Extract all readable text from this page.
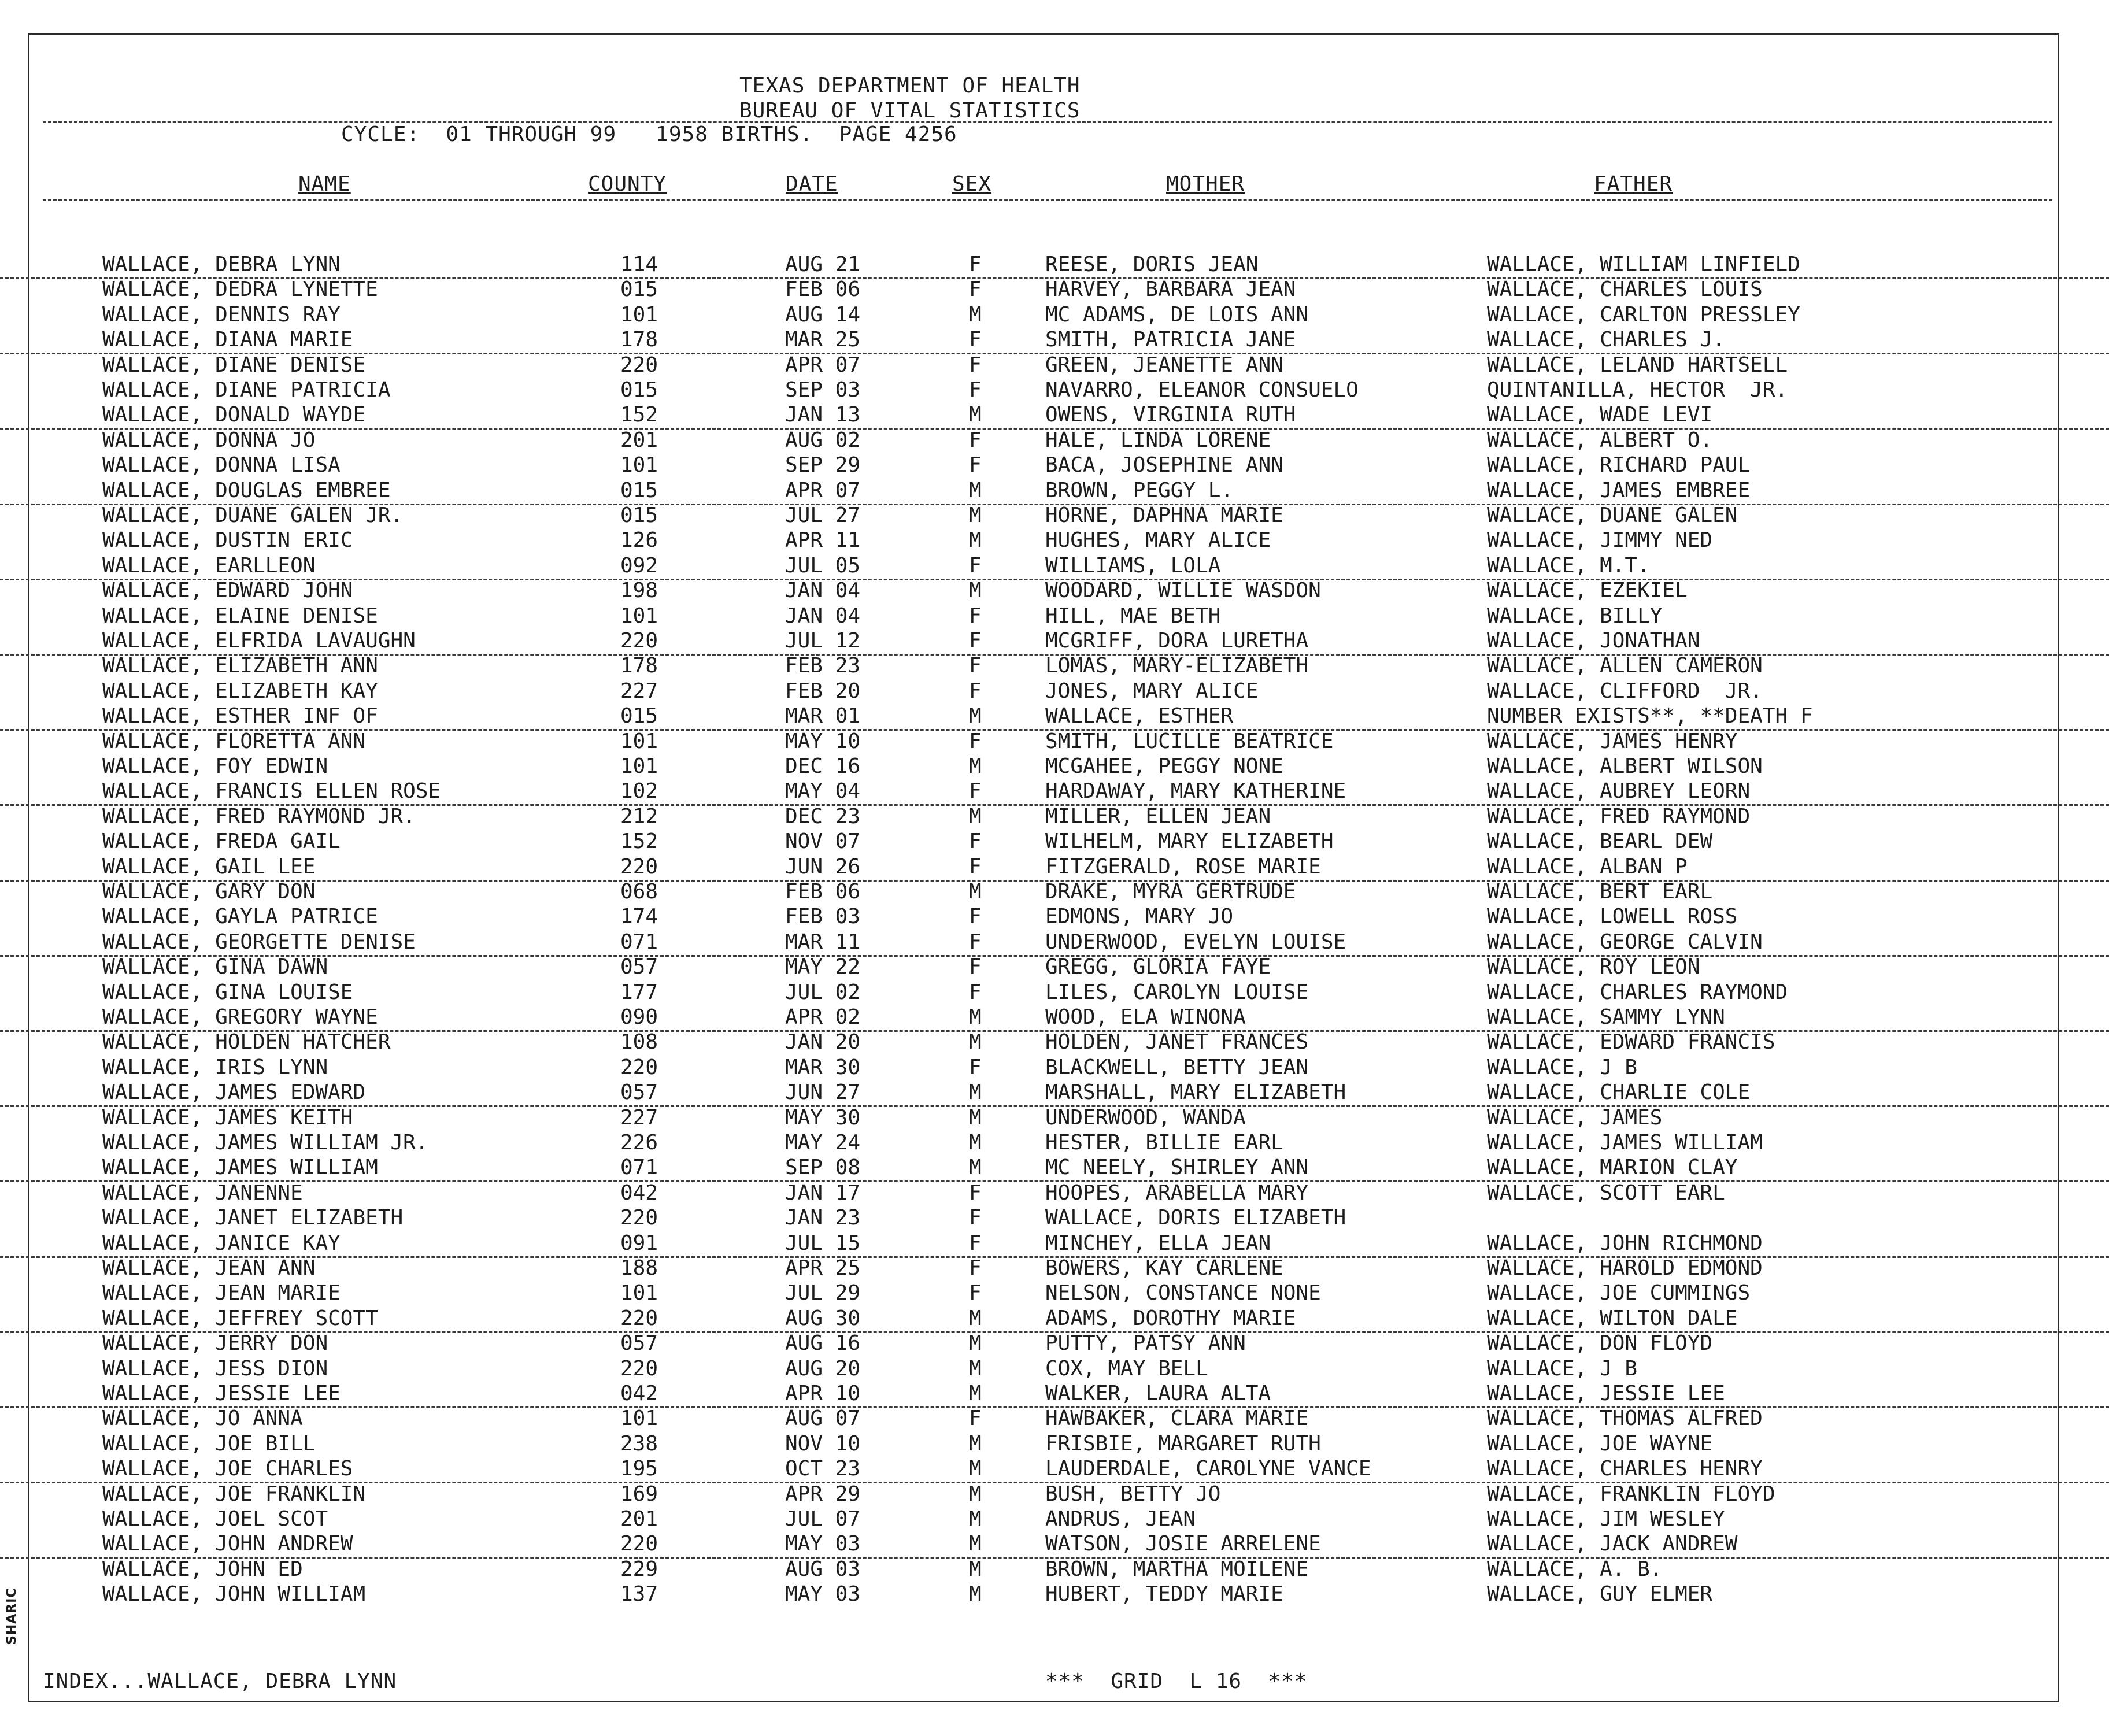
SHARIC
TEXAS DEPARTMENT OF HEALTH
BUREAU OF VITAL STATISTICS
CYCLE:  01 THROUGH 99   1958 BIRTHS.  PAGE 4256
NAME	COUNTY	DATE	SEX	MOTHER	FATHER
WALLACE, DEBRA LYNN	114	AUG 21	F	REESE, DORIS JEAN	WALLACE, WILLIAM LINFIELD
WALLACE, DEDRA LYNETTE	015	FEB 06	F	HARVEY, BARBARA JEAN	WALLACE, CHARLES LOUIS
WALLACE, DENNIS RAY	101	AUG 14	M	MC ADAMS, DE LOIS ANN	WALLACE, CARLTON PRESSLEY
WALLACE, DIANA MARIE	178	MAR 25	F	SMITH, PATRICIA JANE	WALLACE, CHARLES J.
WALLACE, DIANE DENISE	220	APR 07	F	GREEN, JEANETTE ANN	WALLACE, LELAND HARTSELL
WALLACE, DIANE PATRICIA	015	SEP 03	F	NAVARRO, ELEANOR CONSUELO	QUINTANILLA, HECTOR  JR.
WALLACE, DONALD WAYDE	152	JAN 13	M	OWENS, VIRGINIA RUTH	WALLACE, WADE LEVI
WALLACE, DONNA JO	201	AUG 02	F	HALE, LINDA LORENE	WALLACE, ALBERT O.
WALLACE, DONNA LISA	101	SEP 29	F	BACA, JOSEPHINE ANN	WALLACE, RICHARD PAUL
WALLACE, DOUGLAS EMBREE	015	APR 07	M	BROWN, PEGGY L.	WALLACE, JAMES EMBREE
WALLACE, DUANE GALEN JR.	015	JUL 27	M	HORNE, DAPHNA MARIE	WALLACE, DUANE GALEN
WALLACE, DUSTIN ERIC	126	APR 11	M	HUGHES, MARY ALICE	WALLACE, JIMMY NED
WALLACE, EARLLEON	092	JUL 05	F	WILLIAMS, LOLA	WALLACE, M.T.
WALLACE, EDWARD JOHN	198	JAN 04	M	WOODARD, WILLIE WASDON	WALLACE, EZEKIEL
WALLACE, ELAINE DENISE	101	JAN 04	F	HILL, MAE BETH	WALLACE, BILLY
WALLACE, ELFRIDA LAVAUGHN	220	JUL 12	F	MCGRIFF, DORA LURETHA	WALLACE, JONATHAN
WALLACE, ELIZABETH ANN	178	FEB 23	F	LOMAS, MARY-ELIZABETH	WALLACE, ALLEN CAMERON
WALLACE, ELIZABETH KAY	227	FEB 20	F	JONES, MARY ALICE	WALLACE, CLIFFORD  JR.
WALLACE, ESTHER INF OF	015	MAR 01	M	WALLACE, ESTHER	NUMBER EXISTS**, **DEATH F
WALLACE, FLORETTA ANN	101	MAY 10	F	SMITH, LUCILLE BEATRICE	WALLACE, JAMES HENRY
WALLACE, FOY EDWIN	101	DEC 16	M	MCGAHEE, PEGGY NONE	WALLACE, ALBERT WILSON
WALLACE, FRANCIS ELLEN ROSE	102	MAY 04	F	HARDAWAY, MARY KATHERINE	WALLACE, AUBREY LEORN
WALLACE, FRED RAYMOND JR.	212	DEC 23	M	MILLER, ELLEN JEAN	WALLACE, FRED RAYMOND
WALLACE, FREDA GAIL	152	NOV 07	F	WILHELM, MARY ELIZABETH	WALLACE, BEARL DEW
WALLACE, GAIL LEE	220	JUN 26	F	FITZGERALD, ROSE MARIE	WALLACE, ALBAN P
WALLACE, GARY DON	068	FEB 06	M	DRAKE, MYRA GERTRUDE	WALLACE, BERT EARL
WALLACE, GAYLA PATRICE	174	FEB 03	F	EDMONS, MARY JO	WALLACE, LOWELL ROSS
WALLACE, GEORGETTE DENISE	071	MAR 11	F	UNDERWOOD, EVELYN LOUISE	WALLACE, GEORGE CALVIN
WALLACE, GINA DAWN	057	MAY 22	F	GREGG, GLORIA FAYE	WALLACE, ROY LEON
WALLACE, GINA LOUISE	177	JUL 02	F	LILES, CAROLYN LOUISE	WALLACE, CHARLES RAYMOND
WALLACE, GREGORY WAYNE	090	APR 02	M	WOOD, ELA WINONA	WALLACE, SAMMY LYNN
WALLACE, HOLDEN HATCHER	108	JAN 20	M	HOLDEN, JANET FRANCES	WALLACE, EDWARD FRANCIS
WALLACE, IRIS LYNN	220	MAR 30	F	BLACKWELL, BETTY JEAN	WALLACE, J B
WALLACE, JAMES EDWARD	057	JUN 27	M	MARSHALL, MARY ELIZABETH	WALLACE, CHARLIE COLE
WALLACE, JAMES KEITH	227	MAY 30	M	UNDERWOOD, WANDA	WALLACE, JAMES
WALLACE, JAMES WILLIAM JR.	226	MAY 24	M	HESTER, BILLIE EARL	WALLACE, JAMES WILLIAM
WALLACE, JAMES WILLIAM	071	SEP 08	M	MC NEELY, SHIRLEY ANN	WALLACE, MARION CLAY
WALLACE, JANENNE	042	JAN 17	F	HOOPES, ARABELLA MARY	WALLACE, SCOTT EARL
WALLACE, JANET ELIZABETH	220	JAN 23	F	WALLACE, DORIS ELIZABETH
WALLACE, JANICE KAY	091	JUL 15	F	MINCHEY, ELLA JEAN	WALLACE, JOHN RICHMOND
WALLACE, JEAN ANN	188	APR 25	F	BOWERS, KAY CARLENE	WALLACE, HAROLD EDMOND
WALLACE, JEAN MARIE	101	JUL 29	F	NELSON, CONSTANCE NONE	WALLACE, JOE CUMMINGS
WALLACE, JEFFREY SCOTT	220	AUG 30	M	ADAMS, DOROTHY MARIE	WALLACE, WILTON DALE
WALLACE, JERRY DON	057	AUG 16	M	PUTTY, PATSY ANN	WALLACE, DON FLOYD
WALLACE, JESS DION	220	AUG 20	M	COX, MAY BELL	WALLACE, J B
WALLACE, JESSIE LEE	042	APR 10	M	WALKER, LAURA ALTA	WALLACE, JESSIE LEE
WALLACE, JO ANNA	101	AUG 07	F	HAWBAKER, CLARA MARIE	WALLACE, THOMAS ALFRED
WALLACE, JOE BILL	238	NOV 10	M	FRISBIE, MARGARET RUTH	WALLACE, JOE WAYNE
WALLACE, JOE CHARLES	195	OCT 23	M	LAUDERDALE, CAROLYNE VANCE	WALLACE, CHARLES HENRY
WALLACE, JOE FRANKLIN	169	APR 29	M	BUSH, BETTY JO	WALLACE, FRANKLIN FLOYD
WALLACE, JOEL SCOT	201	JUL 07	M	ANDRUS, JEAN	WALLACE, JIM WESLEY
WALLACE, JOHN ANDREW	220	MAY 03	M	WATSON, JOSIE ARRELENE	WALLACE, JACK ANDREW
WALLACE, JOHN ED	229	AUG 03	M	BROWN, MARTHA MOILENE	WALLACE, A. B.
WALLACE, JOHN WILLIAM	137	MAY 03	M	HUBERT, TEDDY MARIE	WALLACE, GUY ELMER
INDEX...WALLACE, DEBRA LYNN	***  GRID  L 16  ***
